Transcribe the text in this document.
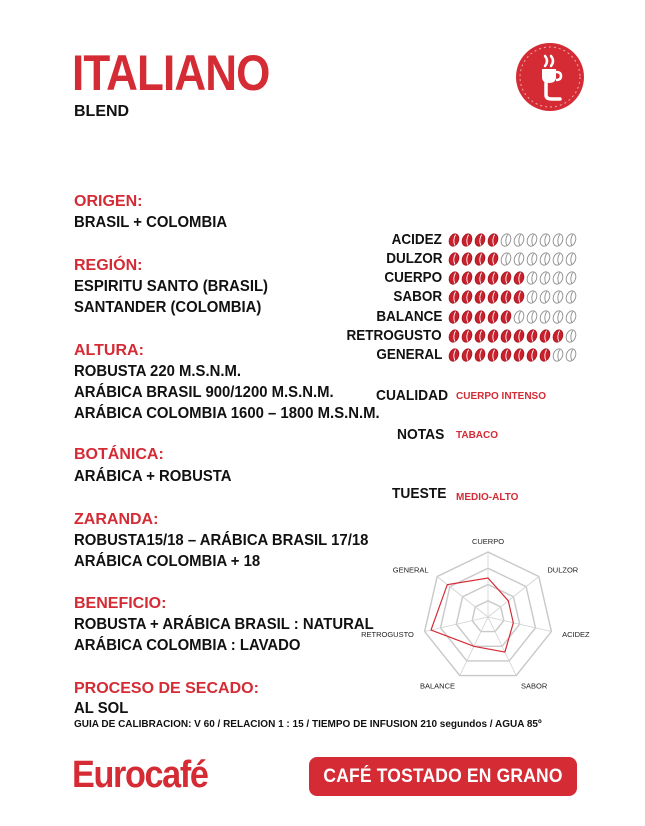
ITALIANO
BLEND
ORIGEN:
BRASIL + COLOMBIA
REGIÓN:
ESPIRITU SANTO (BRASIL)
SANTANDER (COLOMBIA)
ALTURA:
ROBUSTA 220 M.S.N.M.
ARÁBICA BRASIL 900/1200 M.S.N.M.
ARÁBICA COLOMBIA 1600 – 1800 M.S.N.M.
BOTÁNICA:
ARÁBICA + ROBUSTA
ZARANDA:
ROBUSTA15/18 – ARÁBICA BRASIL 17/18
ARÁBICA COLOMBIA + 18
BENEFICIO:
ROBUSTA + ARÁBICA BRASIL : NATURAL
ARÁBICA COLOMBIA : LAVADO
PROCESO DE SECADO:
AL SOL
ACIDEZ
DULZOR
CUERPO
SABOR
BALANCE
RETROGUSTO
GENERAL
CUALIDAD CUERPO INTENSO
NOTAS TABACO
TUESTE MEDIO-ALTO
CUERPO
DULZOR
ACIDEZ
SABOR
BALANCE
RETROGUSTO
GENERAL
GUIA DE CALIBRACION: V 60 / RELACION 1 : 15 / TIEMPO DE INFUSION 210 segundos / AGUA 85º
Eurocafé	CAFÉ TOSTADO EN GRANO
